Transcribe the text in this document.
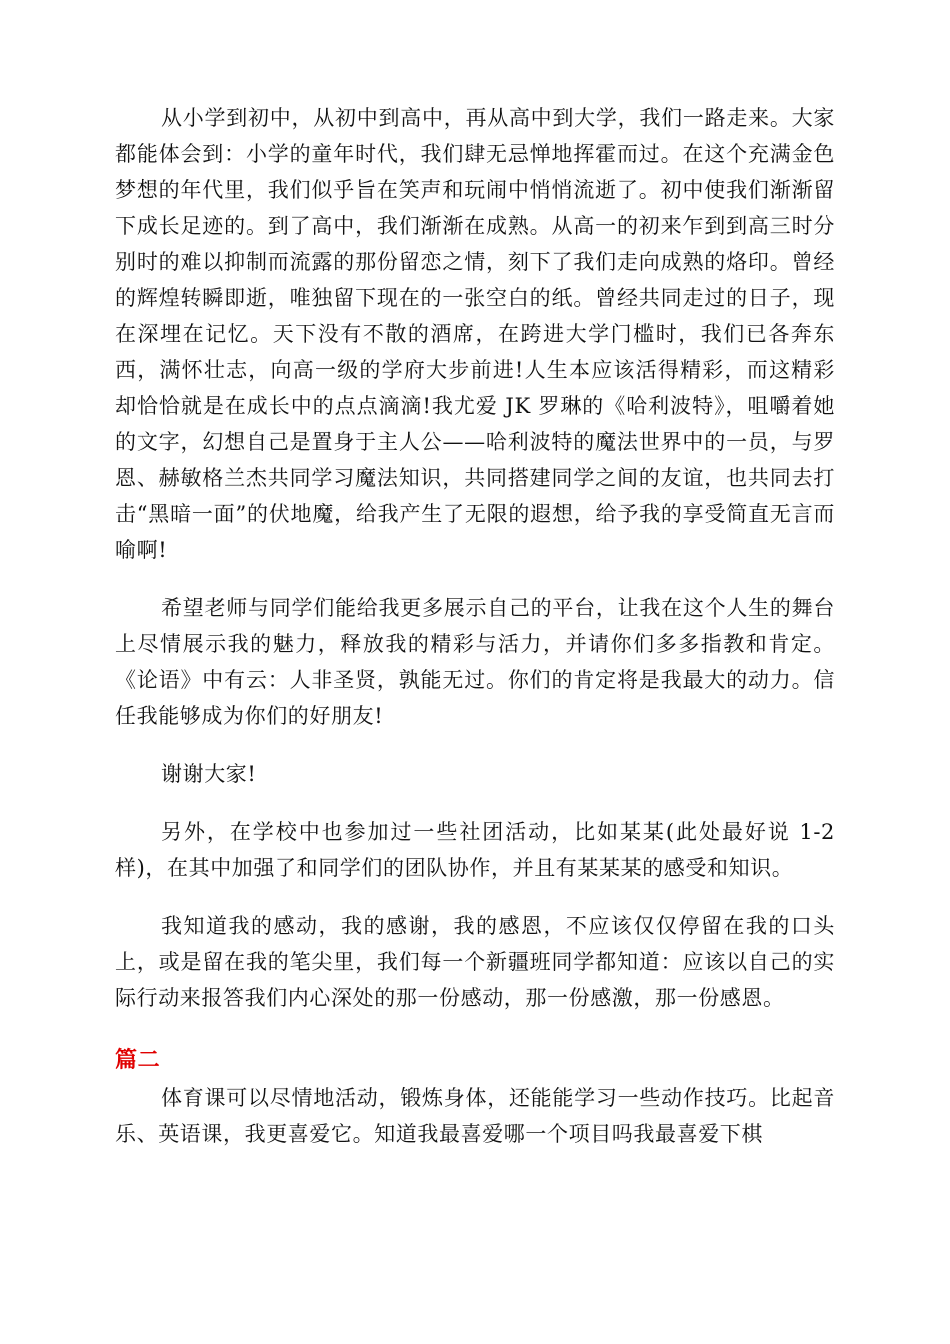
从小学到初中，从初中到高中，再从高中到大学，我们一路走来。大家都能体会到：小学的童年时代，我们肆无忌惮地挥霍而过。在这个充满金色梦想的年代里，我们似乎旨在笑声和玩闹中悄悄流逝了。初中使我们渐渐留下成长足迹的。到了高中，我们渐渐在成熟。从高一的初来乍到到高三时分别时的难以抑制而流露的那份留恋之情，刻下了我们走向成熟的烙印。曾经的辉煌转瞬即逝，唯独留下现在的一张空白的纸。曾经共同走过的日子，现在深埋在记忆。天下没有不散的酒席，在跨进大学门槛时，我们已各奔东西，满怀壮志，向高一级的学府大步前进!人生本应该活得精彩，而这精彩却恰恰就是在成长中的点点滴滴!我尤爱 JK 罗琳的《哈利波特》，咀嚼着她的文字，幻想自己是置身于主人公——哈利波特的魔法世界中的一员，与罗恩、赫敏格兰杰共同学习魔法知识，共同搭建同学之间的友谊，也共同去打击“黑暗一面”的伏地魔，给我产生了无限的遐想，给予我的享受简直无言而喻啊!

希望老师与同学们能给我更多展示自己的平台，让我在这个人生的舞台上尽情展示我的魅力，释放我的精彩与活力，并请你们多多指教和肯定。《论语》中有云：人非圣贤，孰能无过。你们的肯定将是我最大的动力。信任我能够成为你们的好朋友!

谢谢大家!

另外，在学校中也参加过一些社团活动，比如某某(此处最好说 1-2 样)，在其中加强了和同学们的团队协作，并且有某某某的感受和知识。

我知道我的感动，我的感谢，我的感恩，不应该仅仅停留在我的口头上，或是留在我的笔尖里，我们每一个新疆班同学都知道：应该以自己的实际行动来报答我们内心深处的那一份感动，那一份感激，那一份感恩。

篇二

体育课可以尽情地活动，锻炼身体，还能能学习一些动作技巧。比起音乐、英语课，我更喜爱它。知道我最喜爱哪一个项目吗我最喜爱下棋
